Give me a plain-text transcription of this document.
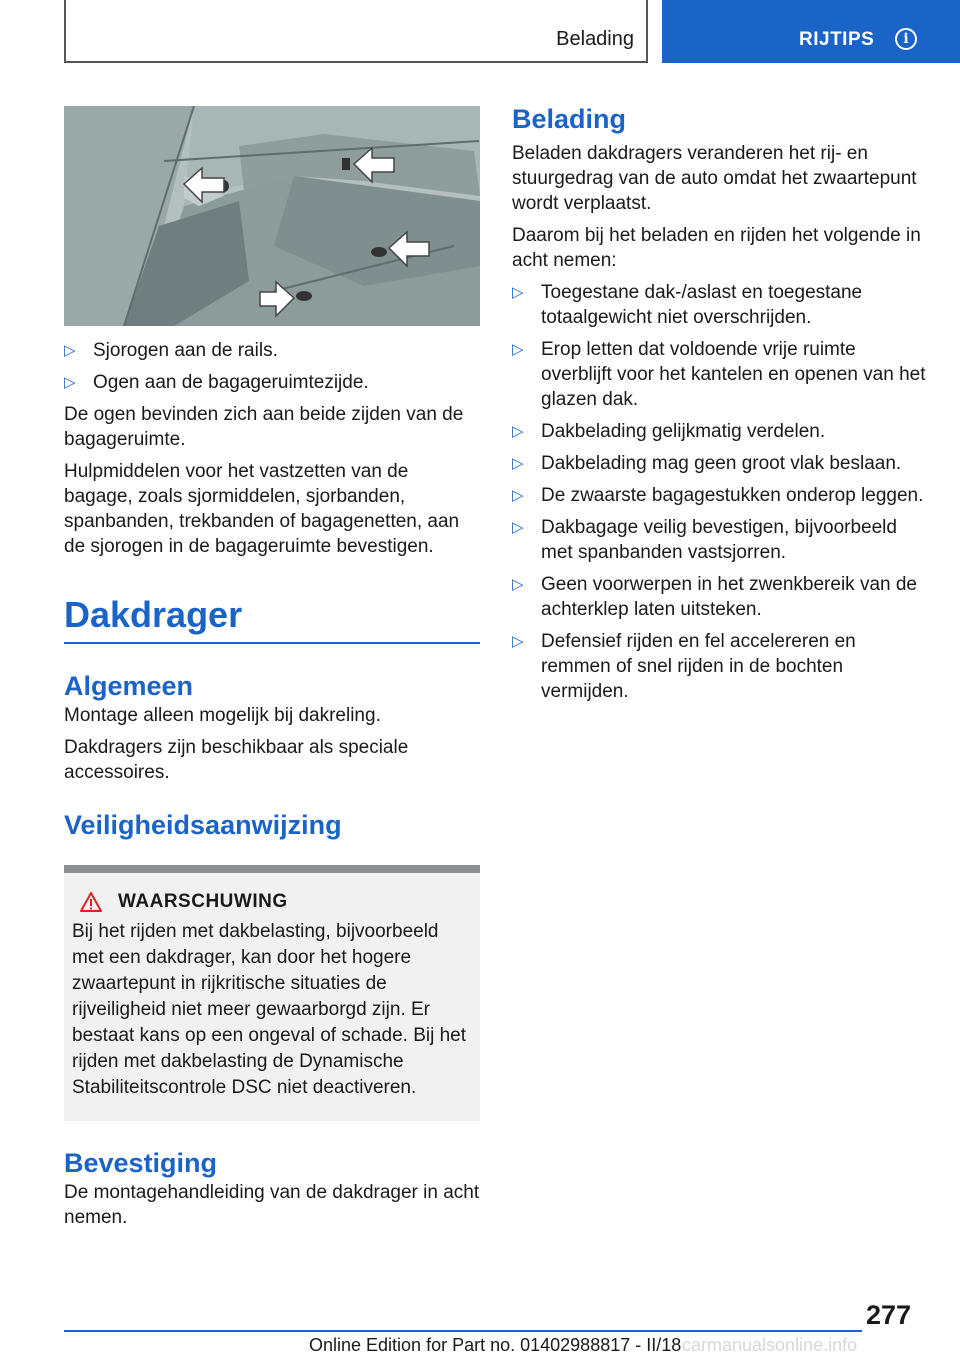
Belading	RIJTIPS	i
▷ Sjorogen aan de rails.
▷ Ogen aan de bagageruimtezijde.

De ogen bevinden zich aan beide zijden van de bagageruimte.

Hulpmiddelen voor het vastzetten van de bagage, zoals sjormiddelen, sjorbanden, spanbanden, trekbanden of bagagenetten, aan de sjorogen in de bagageruimte bevestigen.

Dakdrager
Algemeen

Montage alleen mogelijk bij dakreling.

Dakdragers zijn beschikbaar als speciale accessoires.

Veiligheidsaanwijzing
WAARSCHUWING
Bij het rijden met dakbelasting, bijvoorbeeld met een dakdrager, kan door het hogere zwaartepunt in rijkritische situaties de rijveiligheid niet meer gewaarborgd zijn. Er bestaat kans op een ongeval of schade. Bij het rijden met dakbelasting de Dynamische Stabiliteitscontrole DSC niet deactiveren.
Bevestiging

De montagehandleiding van de dakdrager in acht nemen.

Belading

Beladen dakdragers veranderen het rij- en stuurgedrag van de auto omdat het zwaartepunt wordt verplaatst.

Daarom bij het beladen en rijden het volgende in acht nemen:

▷ Toegestane dak-/aslast en toegestane totaalgewicht niet overschrijden.
▷ Erop letten dat voldoende vrije ruimte overblijft voor het kantelen en openen van het glazen dak.
▷ Dakbelading gelijkmatig verdelen.
▷ Dakbelading mag geen groot vlak beslaan.
▷ De zwaarste bagagestukken onderop leggen.
▷ Dakbagage veilig bevestigen, bijvoorbeeld met spanbanden vastsjorren.
▷ Geen voorwerpen in het zwenkbereik van de achterklep laten uitsteken.
▷ Defensief rijden en fel accelereren en remmen of snel rijden in de bochten vermijden.
277
Online Edition for Part no. 01402988817 - II/18 carmanualsonline.info
